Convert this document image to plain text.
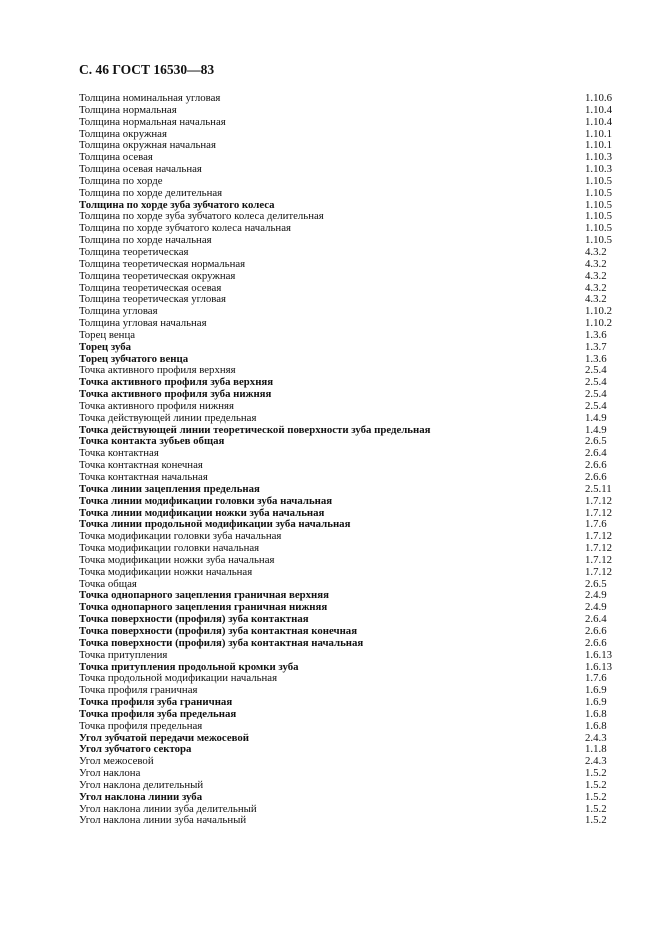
С. 46 ГОСТ 16530—83
Толщина номинальная угловая	1.10.6
Толщина нормальная	1.10.4
Толщина нормальная начальная	1.10.4
Толщина окружная	1.10.1
Толщина окружная начальная	1.10.1
Толщина осевая	1.10.3
Толщина осевая начальная	1.10.3
Толщина по хорде	1.10.5
Толщина по хорде делительная	1.10.5
Толщина по хорде зуба зубчатого колеса	1.10.5
Толщина по хорде зуба зубчатого колеса делительная	1.10.5
Толщина по хорде зубчатого колеса начальная	1.10.5
Толщина по хорде начальная	1.10.5
Толщина теоретическая	4.3.2
Толщина теоретическая нормальная	4.3.2
Толщина теоретическая окружная	4.3.2
Толщина теоретическая осевая	4.3.2
Толщина теоретическая угловая	4.3.2
Толщина угловая	1.10.2
Толщина угловая начальная	1.10.2
Торец венца	1.3.6
Торец зуба	1.3.7
Торец зубчатого венца	1.3.6
Точка активного профиля верхняя	2.5.4
Точка активного профиля зуба верхняя	2.5.4
Точка активного профиля зуба нижняя	2.5.4
Точка активного профиля нижняя	2.5.4
Точка действующей линии предельная	1.4.9
Точка действующей линии теоретической поверхности зуба предельная	1.4.9
Точка контакта зубьев общая	2.6.5
Точка контактная	2.6.4
Точка контактная конечная	2.6.6
Точка контактная начальная	2.6.6
Точка линии зацепления предельная	2.5.11
Точка линии модификации головки зуба начальная	1.7.12
Точка линии модификации ножки зуба начальная	1.7.12
Точка линии продольной модификации зуба начальная	1.7.6
Точка модификации головки зуба начальная	1.7.12
Точка модификации головки начальная	1.7.12
Точка модификации ножки зуба начальная	1.7.12
Точка модификации ножки начальная	1.7.12
Точка общая	2.6.5
Точка однопарного зацепления граничная верхняя	2.4.9
Точка однопарного зацепления граничная нижняя	2.4.9
Точка поверхности (профиля) зуба контактная	2.6.4
Точка поверхности (профиля) зуба контактная конечная	2.6.6
Точка поверхности (профиля) зуба контактная начальная	2.6.6
Точка притупления	1.6.13
Точка притупления продольной кромки зуба	1.6.13
Точка продольной модификации начальная	1.7.6
Точка профиля граничная	1.6.9
Точка профиля зуба граничная	1.6.9
Точка профиля зуба предельная	1.6.8
Точка профиля предельная	1.6.8
Угол зубчатой передачи межосевой	2.4.3
Угол зубчатого сектора	1.1.8
Угол межосевой	2.4.3
Угол наклона	1.5.2
Угол наклона делительный	1.5.2
Угол наклона линии зуба	1.5.2
Угол наклона линии зуба делительный	1.5.2
Угол наклона линии зуба начальный	1.5.2
